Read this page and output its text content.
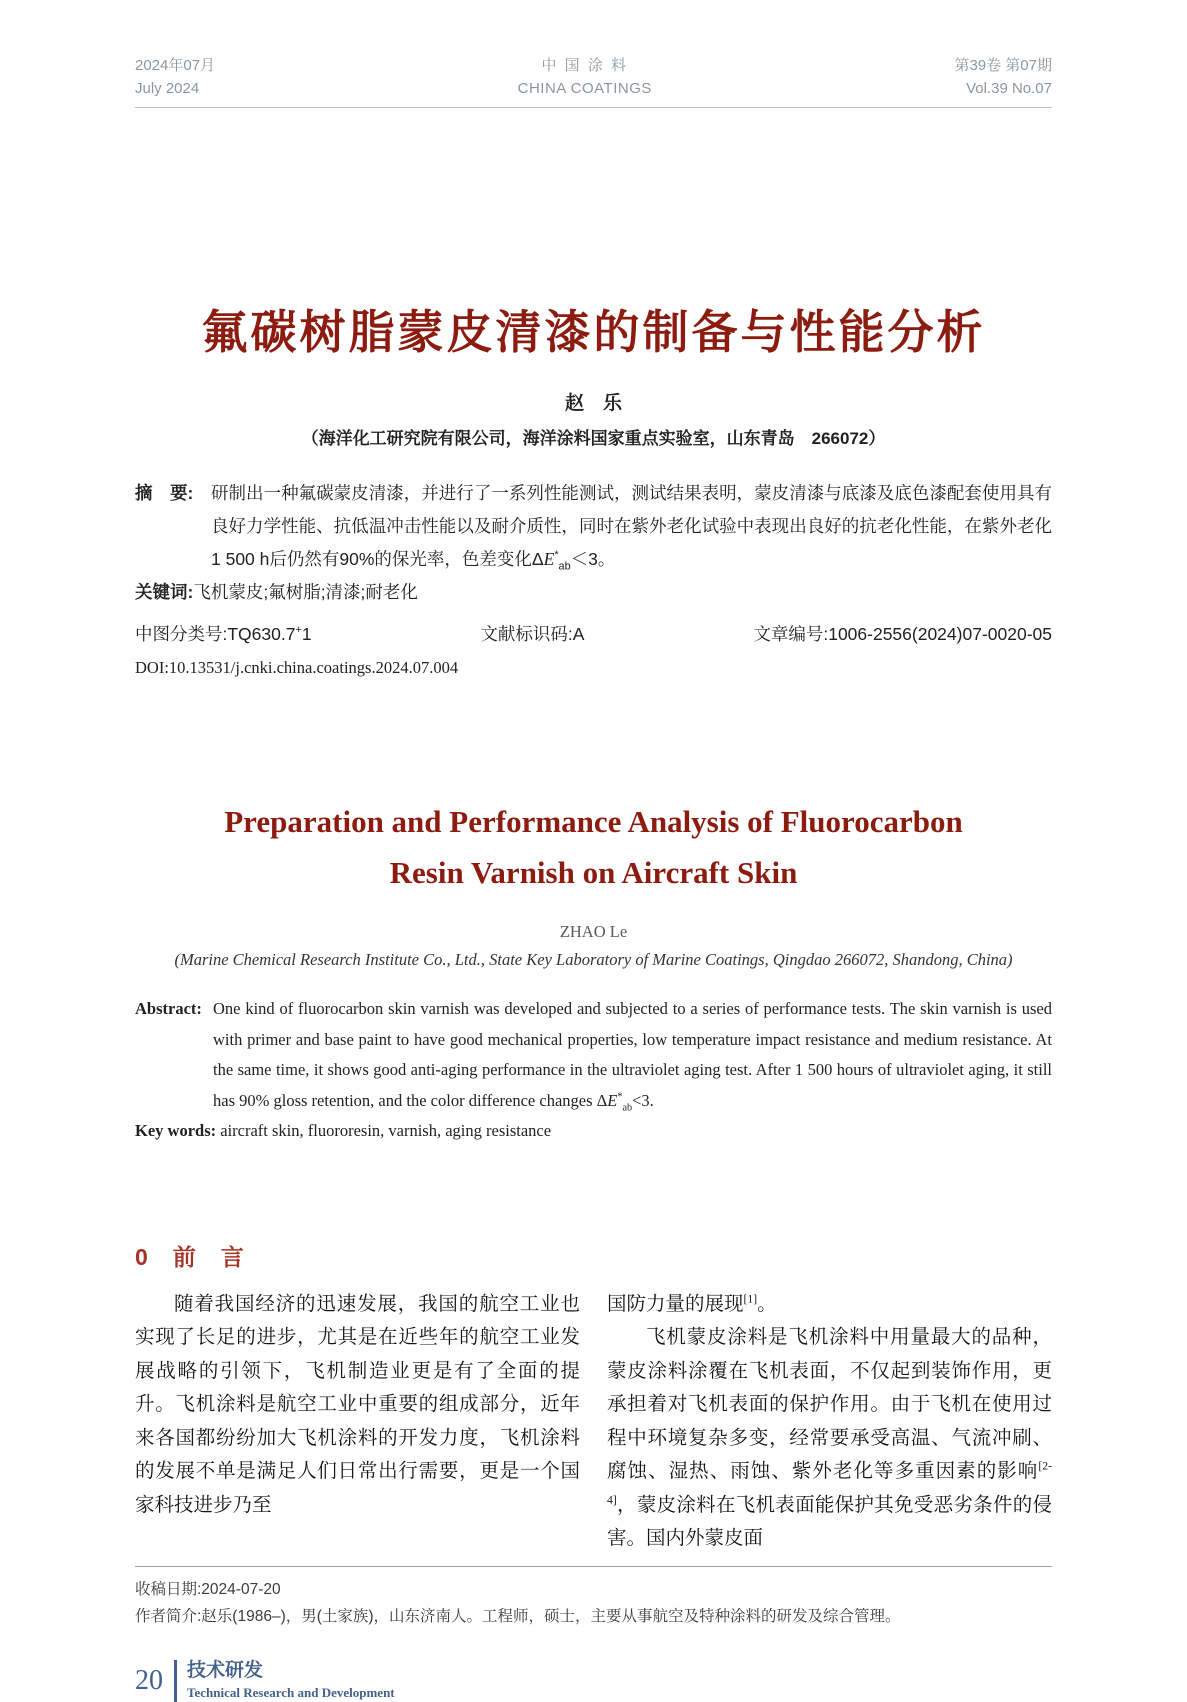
2024年07月
July 2024
中 国 涂 料
CHINA COATINGS
第39卷 第07期
Vol.39 No.07
氟碳树脂蒙皮清漆的制备与性能分析
赵　乐
（海洋化工研究院有限公司，海洋涂料国家重点实验室，山东青岛　266072）
摘　要: 研制出一种氟碳蒙皮清漆，并进行了一系列性能测试，测试结果表明，蒙皮清漆与底漆及底色漆配套使用具有良好力学性能、抗低温冲击性能以及耐介质性，同时在紫外老化试验中表现出良好的抗老化性能，在紫外老化1 500 h后仍然有90%的保光率，色差变化$\Delta E^*_{ab}<3$。
关键词:飞机蒙皮;氟树脂;清漆;耐老化
中图分类号:TQ630.7+1	文献标识码:A	文章编号:1006-2556(2024)07-0020-05
DOI:10.13531/j.cnki.china.coatings.2024.07.004
Preparation and Performance Analysis of Fluorocarbon
Resin Varnish on Aircraft Skin
ZHAO Le
(Marine Chemical Research Institute Co., Ltd., State Key Laboratory of Marine Coatings, Qingdao 266072, Shandong, China)
Abstract: One kind of fluorocarbon skin varnish was developed and subjected to a series of performance tests. The skin varnish is used with primer and base paint to have good mechanical properties, low temperature impact resistance and medium resistance. At the same time, it shows good anti-aging performance in the ultraviolet aging test. After 1 500 hours of ultraviolet aging, it still has 90% gloss retention, and the color difference changes $\Delta E^*_{ab}<3$.
Key words: aircraft skin, fluororesin, varnish, aging resistance
0　前　言

随着我国经济的迅速发展，我国的航空工业也实现了长足的进步，尤其是在近些年的航空工业发展战略的引领下，飞机制造业更是有了全面的提升。飞机涂料是航空工业中重要的组成部分，近年来各国都纷纷加大飞机涂料的开发力度，飞机涂料的发展不单是满足人们日常出行需要，更是一个国家科技进步乃至

国防力量的展现[1]。

飞机蒙皮涂料是飞机涂料中用量最大的品种，蒙皮涂料涂覆在飞机表面，不仅起到装饰作用，更承担着对飞机表面的保护作用。由于飞机在使用过程中环境复杂多变，经常要承受高温、气流冲刷、腐蚀、湿热、雨蚀、紫外老化等多重因素的影响[2-4]，蒙皮涂料在飞机表面能保护其免受恶劣条件的侵害。国内外蒙皮面

收稿日期:2024-07-20
作者简介:赵乐(1986–)，男(土家族)，山东济南人。工程师，硕士，主要从事航空及特种涂料的研发及综合管理。
20 技术研发
Technical Research and Development
